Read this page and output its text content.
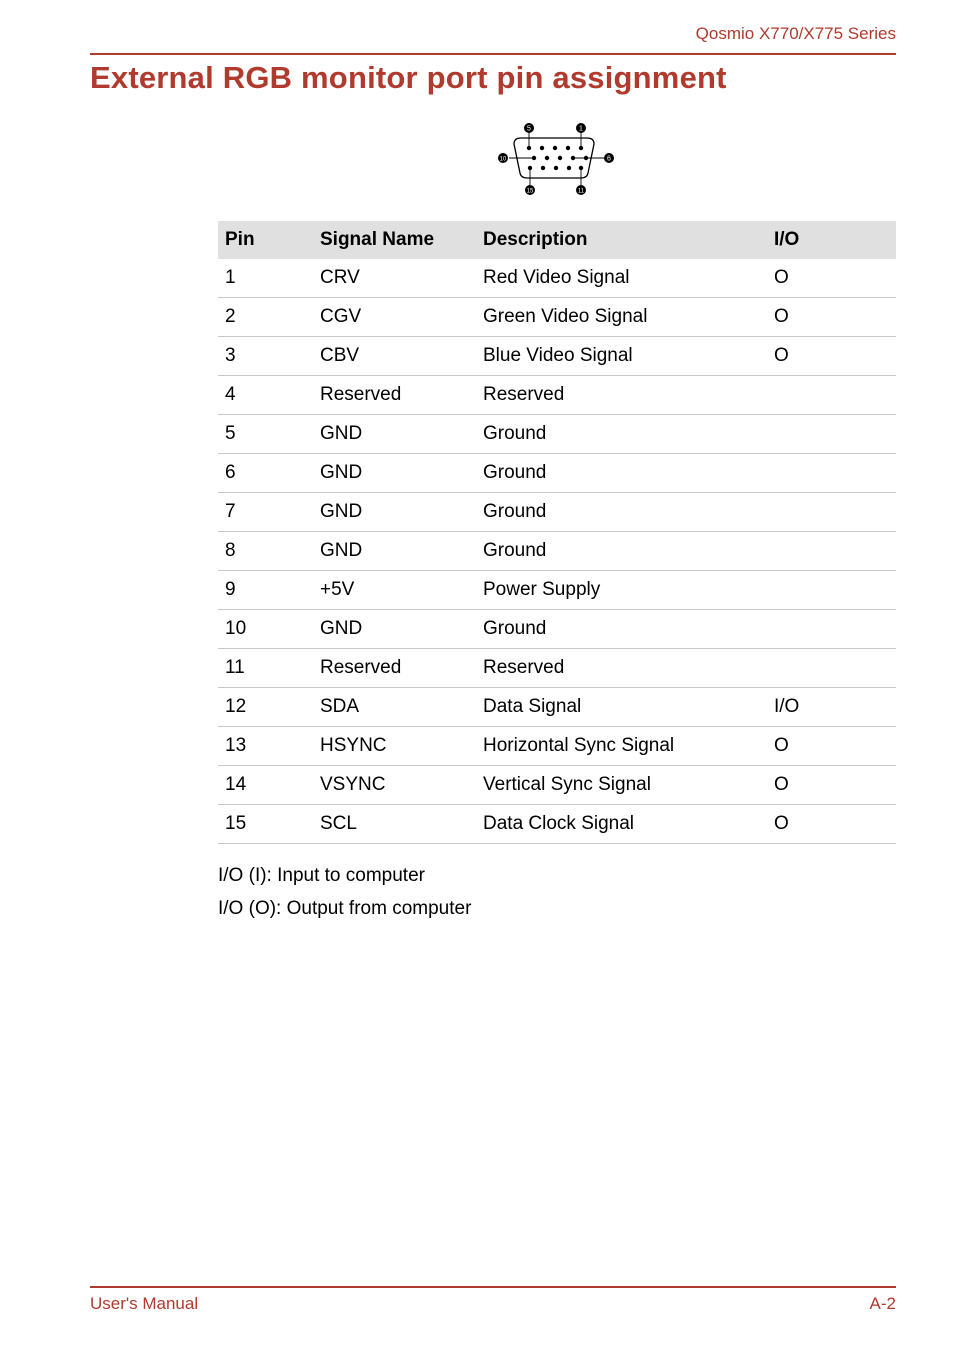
Qosmio X770/X775 Series
External RGB monitor port pin assignment
5	1
10	6
15	11
Pin	Signal Name	Description	I/O
1	CRV	Red Video Signal	O
2	CGV	Green Video Signal	O
3	CBV	Blue Video Signal	O
4	Reserved	Reserved	
5	GND	Ground	
6	GND	Ground	
7	GND	Ground	
8	GND	Ground	
9	+5V	Power Supply	
10	GND	Ground	
11	Reserved	Reserved	
12	SDA	Data Signal	I/O
13	HSYNC	Horizontal Sync Signal	O
14	VSYNC	Vertical Sync Signal	O
15	SCL	Data Clock Signal	O
I/O (I): Input to computer
I/O (O): Output from computer
User's Manual	A-2
